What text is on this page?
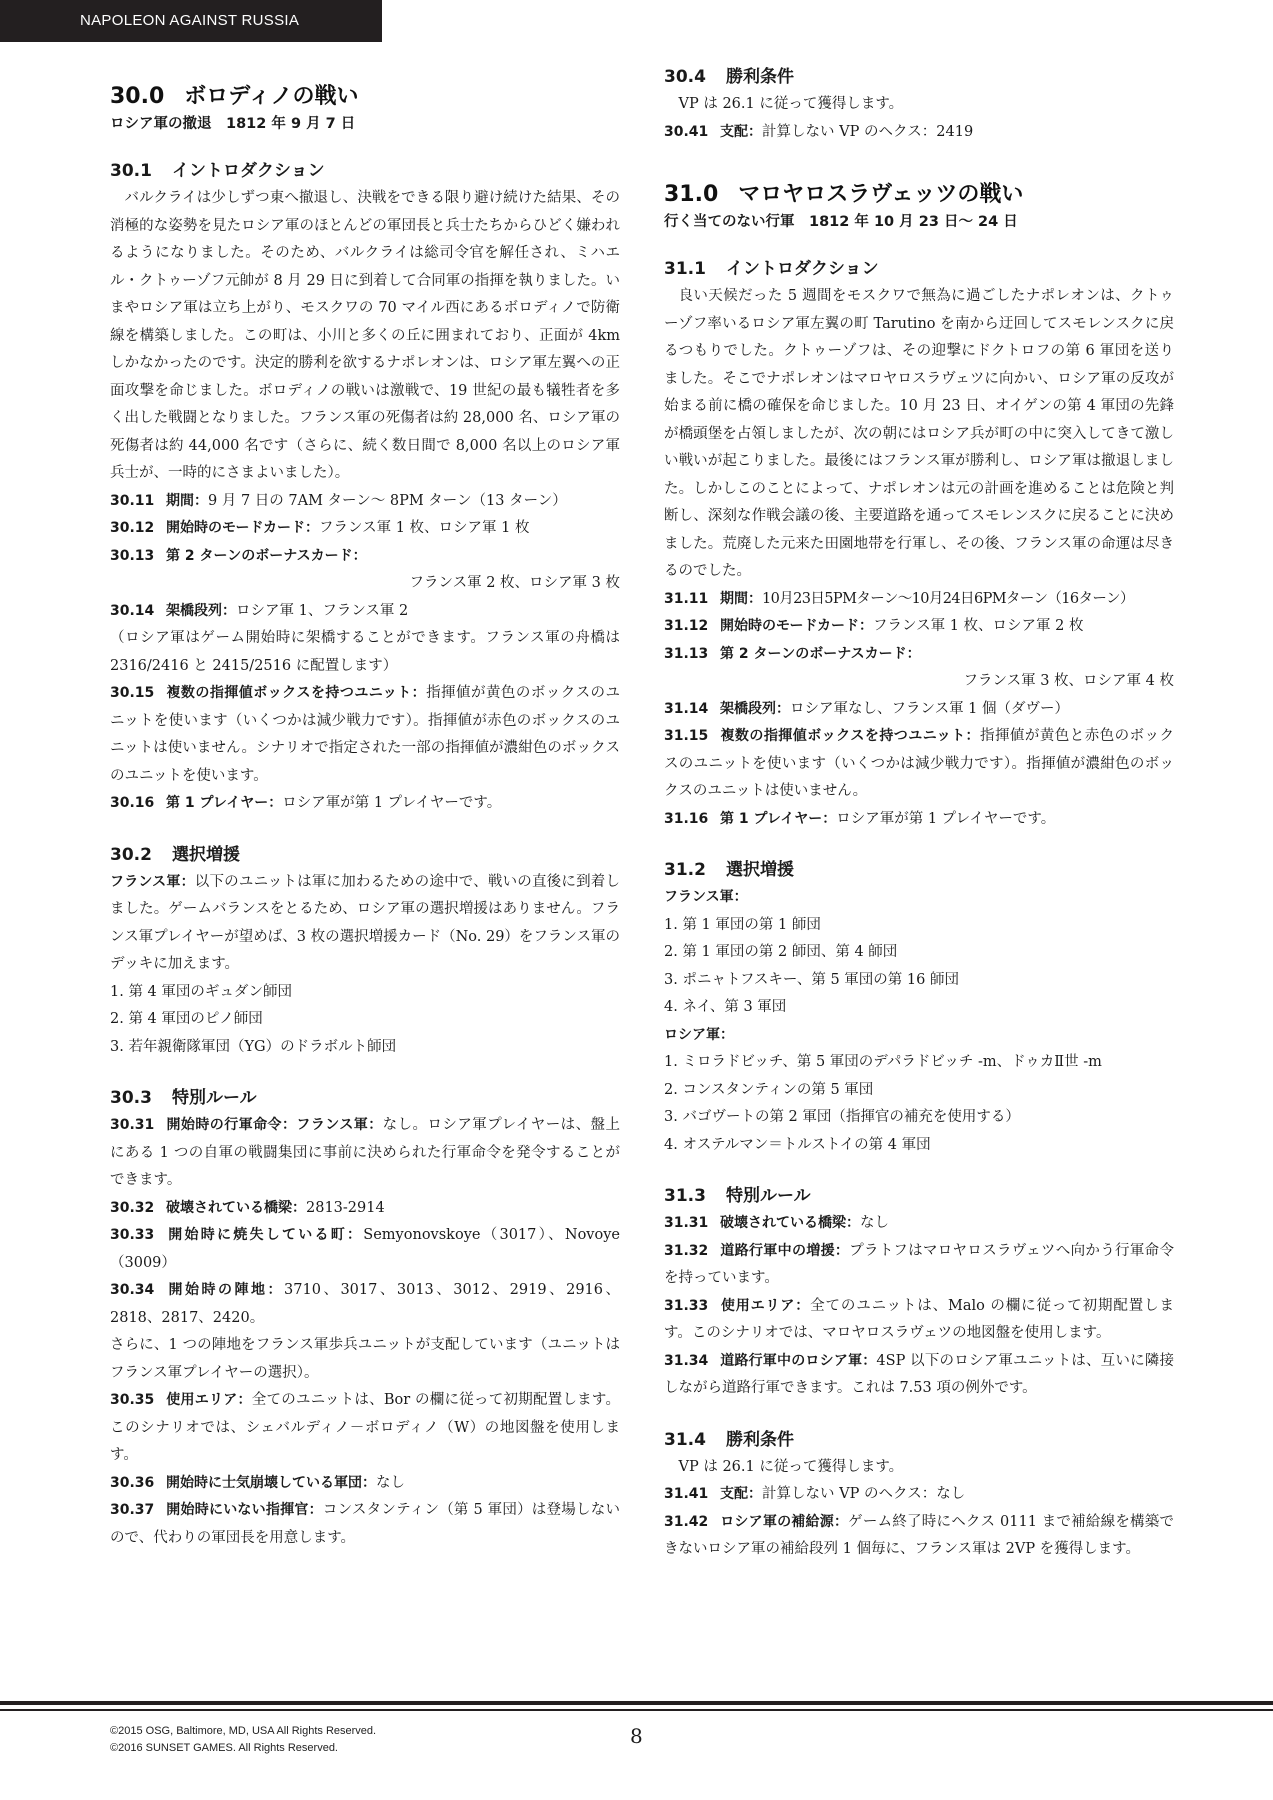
NAPOLEON AGAINST RUSSIA
30.0 ボロディノの戦い
ロシア軍の撤退　1812 年 9 月 7 日
30.1 イントロダクション
バルクライは少しずつ東へ撤退し、決戦をできる限り避け続けた結果、その消極的な姿勢を見たロシア軍のほとんどの軍団長と兵士たちからひどく嫌われるようになりました。そのため、バルクライは総司令官を解任され、ミハエル・クトゥーゾフ元帥が 8 月 29 日に到着して合同軍の指揮を執りました。いまやロシア軍は立ち上がり、モスクワの 70 マイル西にあるボロディノで防衛線を構築しました。この町は、小川と多くの丘に囲まれており、正面が 4km しかなかったのです。決定的勝利を欲するナポレオンは、ロシア軍左翼への正面攻撃を命じました。ボロディノの戦いは激戦で、19 世紀の最も犠牲者を多く出した戦闘となりました。フランス軍の死傷者は約 28,000 名、ロシア軍の死傷者は約 44,000 名です（さらに、続く数日間で 8,000 名以上のロシア軍兵士が、一時的にさまよいました）。
30.11 期間：9 月 7 日の 7AM ターン～ 8PM ターン（13 ターン）
30.12 開始時のモードカード：フランス軍 1 枚、ロシア軍 1 枚
30.13 第 2 ターンのボーナスカード：
フランス軍 2 枚、ロシア軍 3 枚
30.14 架橋段列：ロシア軍 1、フランス軍 2
（ロシア軍はゲーム開始時に架橋することができます。フランス軍の舟橋は 2316/2416 と 2415/2516 に配置します）
30.15 複数の指揮値ボックスを持つユニット：指揮値が黄色のボックスのユニットを使います（いくつかは減少戦力です）。指揮値が赤色のボックスのユニットは使いません。シナリオで指定された一部の指揮値が濃紺色のボックスのユニットを使います。
30.16 第 1 プレイヤー：ロシア軍が第 1 プレイヤーです。
30.2 選択増援
フランス軍：以下のユニットは軍に加わるための途中で、戦いの直後に到着しました。ゲームバランスをとるため、ロシア軍の選択増援はありません。フランス軍プレイヤーが望めば、3 枚の選択増援カード（No. 29）をフランス軍のデッキに加えます。
1. 第 4 軍団のギュダン師団
2. 第 4 軍団のピノ師団
3. 若年親衛隊軍団（YG）のドラボルト師団
30.3 特別ルール
30.31 開始時の行軍命令：フランス軍：なし。ロシア軍プレイヤーは、盤上にある 1 つの自軍の戦闘集団に事前に決められた行軍命令を発令することができます。
30.32 破壊されている橋梁：2813-2914
30.33 開始時に焼失している町：Semyonovskoye（3017）、Novoye（3009）
30.34 開始時の陣地：3710、3017、3013、3012、2919、2916、2818、2817、2420。
さらに、1 つの陣地をフランス軍歩兵ユニットが支配しています（ユニットはフランス軍プレイヤーの選択）。
30.35 使用エリア：全てのユニットは、Bor の欄に従って初期配置します。このシナリオでは、シェバルディノ－ボロディノ（W）の地図盤を使用します。
30.36 開始時に士気崩壊している軍団：なし
30.37 開始時にいない指揮官：コンスタンティン（第 5 軍団）は登場しないので、代わりの軍団長を用意します。
30.4 勝利条件
VP は 26.1 に従って獲得します。
30.41 支配：計算しない VP のヘクス：2419
31.0 マロヤロスラヴェッツの戦い
行く当てのない行軍　1812 年 10 月 23 日～ 24 日
31.1 イントロダクション
良い天候だった 5 週間をモスクワで無為に過ごしたナポレオンは、クトゥーゾフ率いるロシア軍左翼の町 Tarutino を南から迂回してスモレンスクに戻るつもりでした。クトゥーゾフは、その迎撃にドクトロフの第 6 軍団を送りました。そこでナポレオンはマロヤロスラヴェツに向かい、ロシア軍の反攻が始まる前に橋の確保を命じました。10 月 23 日、オイゲンの第 4 軍団の先鋒が橋頭堡を占領しましたが、次の朝にはロシア兵が町の中に突入してきて激しい戦いが起こりました。最後にはフランス軍が勝利し、ロシア軍は撤退しました。しかしこのことによって、ナポレオンは元の計画を進めることは危険と判断し、深刻な作戦会議の後、主要道路を通ってスモレンスクに戻ることに決めました。荒廃した元来た田園地帯を行軍し、その後、フランス軍の命運は尽きるのでした。
31.11 期間：10月23日5PMターン～10月24日6PMターン（16ターン）
31.12 開始時のモードカード：フランス軍 1 枚、ロシア軍 2 枚
31.13 第 2 ターンのボーナスカード：
フランス軍 3 枚、ロシア軍 4 枚
31.14 架橋段列：ロシア軍なし、フランス軍 1 個（ダヴー）
31.15 複数の指揮値ボックスを持つユニット：指揮値が黄色と赤色のボックスのユニットを使います（いくつかは減少戦力です）。指揮値が濃紺色のボックスのユニットは使いません。
31.16 第 1 プレイヤー：ロシア軍が第 1 プレイヤーです。
31.2 選択増援
フランス軍：
1. 第 1 軍団の第 1 師団
2. 第 1 軍団の第 2 師団、第 4 師団
3. ポニャトフスキー、第 5 軍団の第 16 師団
4. ネイ、第 3 軍団
ロシア軍：
1. ミロラドビッチ、第 5 軍団のデパラドビッチ -m、ドゥカⅡ世 -m
2. コンスタンティンの第 5 軍団
3. バゴヴートの第 2 軍団（指揮官の補充を使用する）
4. オステルマン＝トルストイの第 4 軍団
31.3 特別ルール
31.31 破壊されている橋梁：なし
31.32 道路行軍中の増援：プラトフはマロヤロスラヴェツへ向かう行軍命令を持っています。
31.33 使用エリア：全てのユニットは、Malo の欄に従って初期配置します。このシナリオでは、マロヤロスラヴェツの地図盤を使用します。
31.34 道路行軍中のロシア軍：4SP 以下のロシア軍ユニットは、互いに隣接しながら道路行軍できます。これは 7.53 項の例外です。
31.4 勝利条件
VP は 26.1 に従って獲得します。
31.41 支配：計算しない VP のヘクス：なし
31.42 ロシア軍の補給源：ゲーム終了時にヘクス 0111 まで補給線を構築できないロシア軍の補給段列 1 個毎に、フランス軍は 2VP を獲得します。
©2015 OSG, Baltimore, MD, USA All Rights Reserved.
©2016 SUNSET GAMES. All Rights Reserved.	8
